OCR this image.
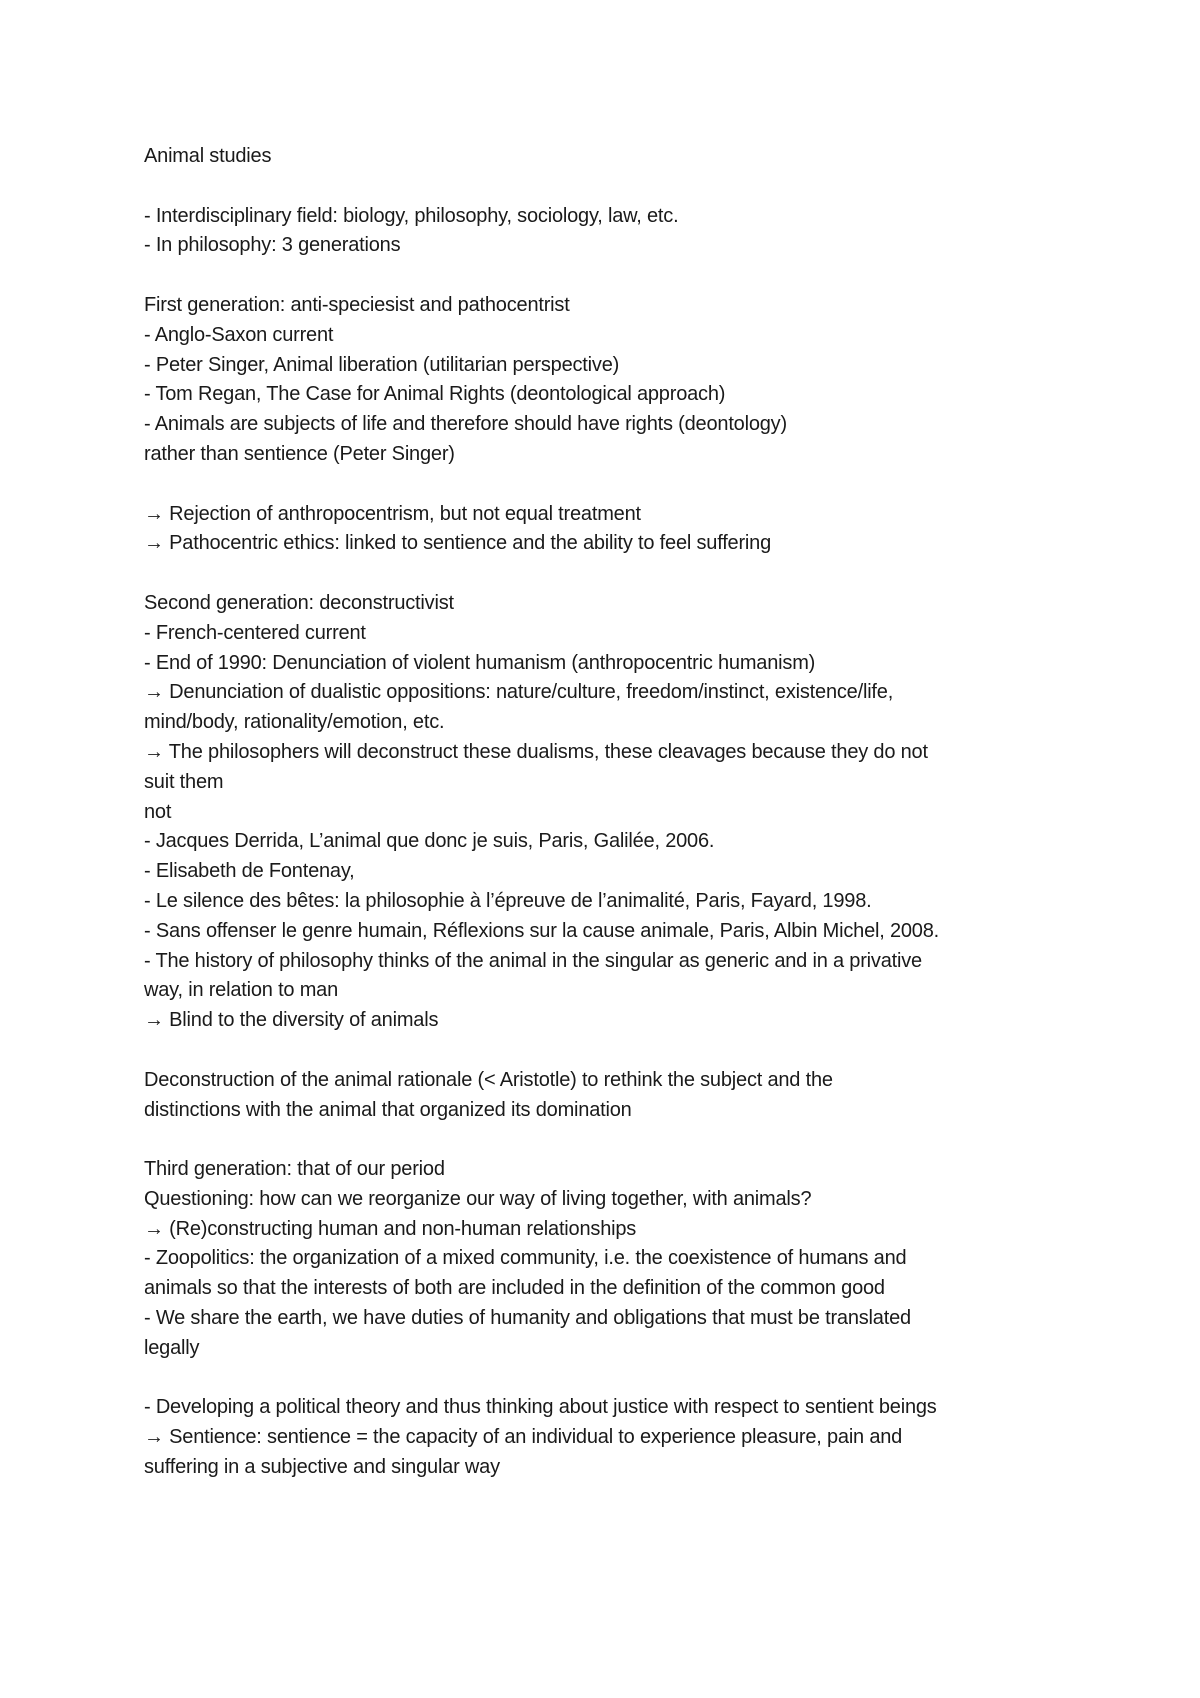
Animal studies
- Interdisciplinary field: biology, philosophy, sociology, law, etc.
- In philosophy: 3 generations
First generation: anti-speciesist and pathocentrist
- Anglo-Saxon current
- Peter Singer, Animal liberation (utilitarian perspective)
- Tom Regan, The Case for Animal Rights (deontological approach)
- Animals are subjects of life and therefore should have rights (deontology)
rather than sentience (Peter Singer)
→ Rejection of anthropocentrism, but not equal treatment
→ Pathocentric ethics: linked to sentience and the ability to feel suffering
Second generation: deconstructivist
- French-centered current
- End of 1990: Denunciation of violent humanism (anthropocentric humanism)
→ Denunciation of dualistic oppositions: nature/culture, freedom/instinct, existence/life,
mind/body, rationality/emotion, etc.
→ The philosophers will deconstruct these dualisms, these cleavages because they do not
suit them
not
- Jacques Derrida, L’animal que donc je suis, Paris, Galilée, 2006.
- Elisabeth de Fontenay,
- Le silence des bêtes: la philosophie à l’épreuve de l’animalité, Paris, Fayard, 1998.
- Sans offenser le genre humain, Réflexions sur la cause animale, Paris, Albin Michel, 2008.
- The history of philosophy thinks of the animal in the singular as generic and in a privative
way, in relation to man
→ Blind to the diversity of animals
Deconstruction of the animal rationale (< Aristotle) to rethink the subject and the
distinctions with the animal that organized its domination
Third generation: that of our period
Questioning: how can we reorganize our way of living together, with animals?
→ (Re)constructing human and non-human relationships
- Zoopolitics: the organization of a mixed community, i.e. the coexistence of humans and
animals so that the interests of both are included in the definition of the common good
- We share the earth, we have duties of humanity and obligations that must be translated
legally
- Developing a political theory and thus thinking about justice with respect to sentient beings
→ Sentience: sentience = the capacity of an individual to experience pleasure, pain and
suffering in a subjective and singular way
